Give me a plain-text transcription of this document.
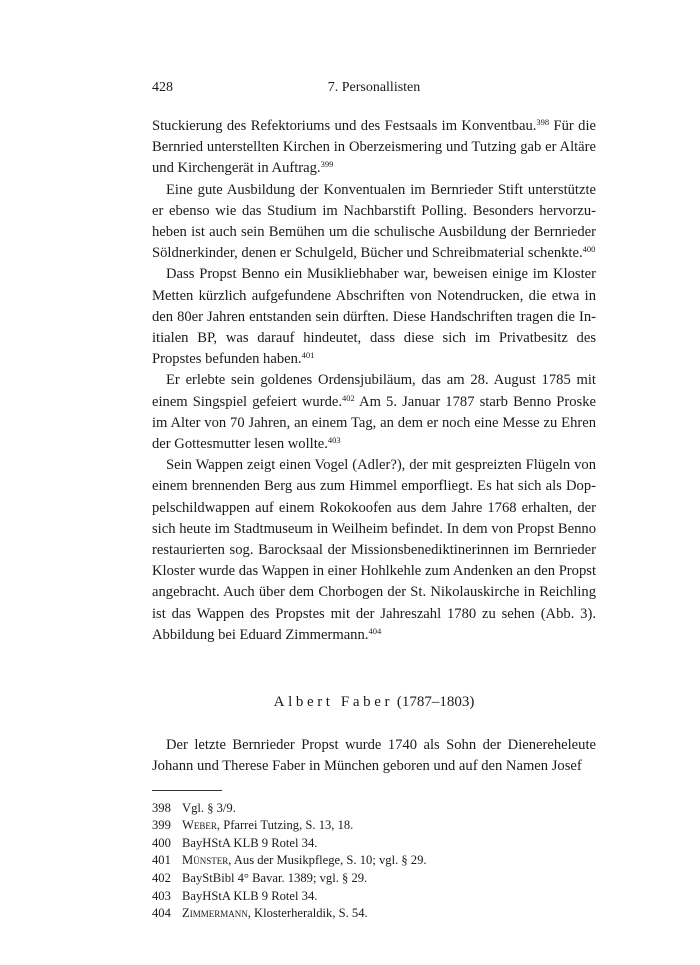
7. Personallisten
428

Stuckierung des Refektoriums und des Festsaals im Konventbau.$^{398}$ Für die Bernried unterstellten Kirchen in Oberzeismering und Tutzing gab er Altäre und Kirchengerät in Auftrag.$^{399}$

Eine gute Ausbildung der Konventualen im Bernrieder Stift unterstützte er ebenso wie das Studium im Nachbarstift Polling. Besonders hervorzu-heben ist auch sein Bemühen um die schulische Ausbildung der Bernrieder Söldnerkinder, denen er Schulgeld, Bücher und Schreibmaterial schenkte.$^{400}$

Dass Propst Benno ein Musikliebhaber war, beweisen einige im Kloster Metten kürzlich aufgefundene Abschriften von Notendrucken, die etwa in den 80er Jahren entstanden sein dürften. Diese Handschriften tragen die In-itialen BP, was darauf hindeutet, dass diese sich im Privatbesitz des Propstes befunden haben.$^{401}$

Er erlebte sein goldenes Ordensjubiläum, das am 28. August 1785 mit einem Singspiel gefeiert wurde.$^{402}$ Am 5. Januar 1787 starb Benno Proske im Alter von 70 Jahren, an einem Tag, an dem er noch eine Messe zu Ehren der Gottesmutter lesen wollte.$^{403}$

Sein Wappen zeigt einen Vogel (Adler?), der mit gespreizten Flügeln von einem brennenden Berg aus zum Himmel emporfliegt. Es hat sich als Dop-pelschildwappen auf einem Rokokoofen aus dem Jahre 1768 erhalten, der sich heute im Stadtmuseum in Weilheim befindet. In dem von Propst Benno restaurierten sog. Barocksaal der Missionsbenediktinerinnen im Bernrieder Kloster wurde das Wappen in einer Hohlkehle zum Andenken an den Propst angebracht. Auch über dem Chorbogen der St. Nikolauskirche in Reichling ist das Wappen des Propstes mit der Jahreszahl 1780 zu sehen (Abb. 3). Abbildung bei Eduard Zimmermann.$^{404}$

Albert Faber (1787–1803)

Der letzte Bernrieder Propst wurde 1740 als Sohn der Dienereheleute Johann und Therese Faber in München geboren und auf den Namen Josef

398 Vgl. § 3/9.
399 Weber, Pfarrei Tutzing, S. 13, 18.
400 BayHStA KLB 9 Rotel 34.
401 Münster, Aus der Musikpflege, S. 10; vgl. § 29.
402 BayStBibl 4° Bavar. 1389; vgl. § 29.
403 BayHStA KLB 9 Rotel 34.
404 Zimmermann, Klosterheraldik, S. 54.
